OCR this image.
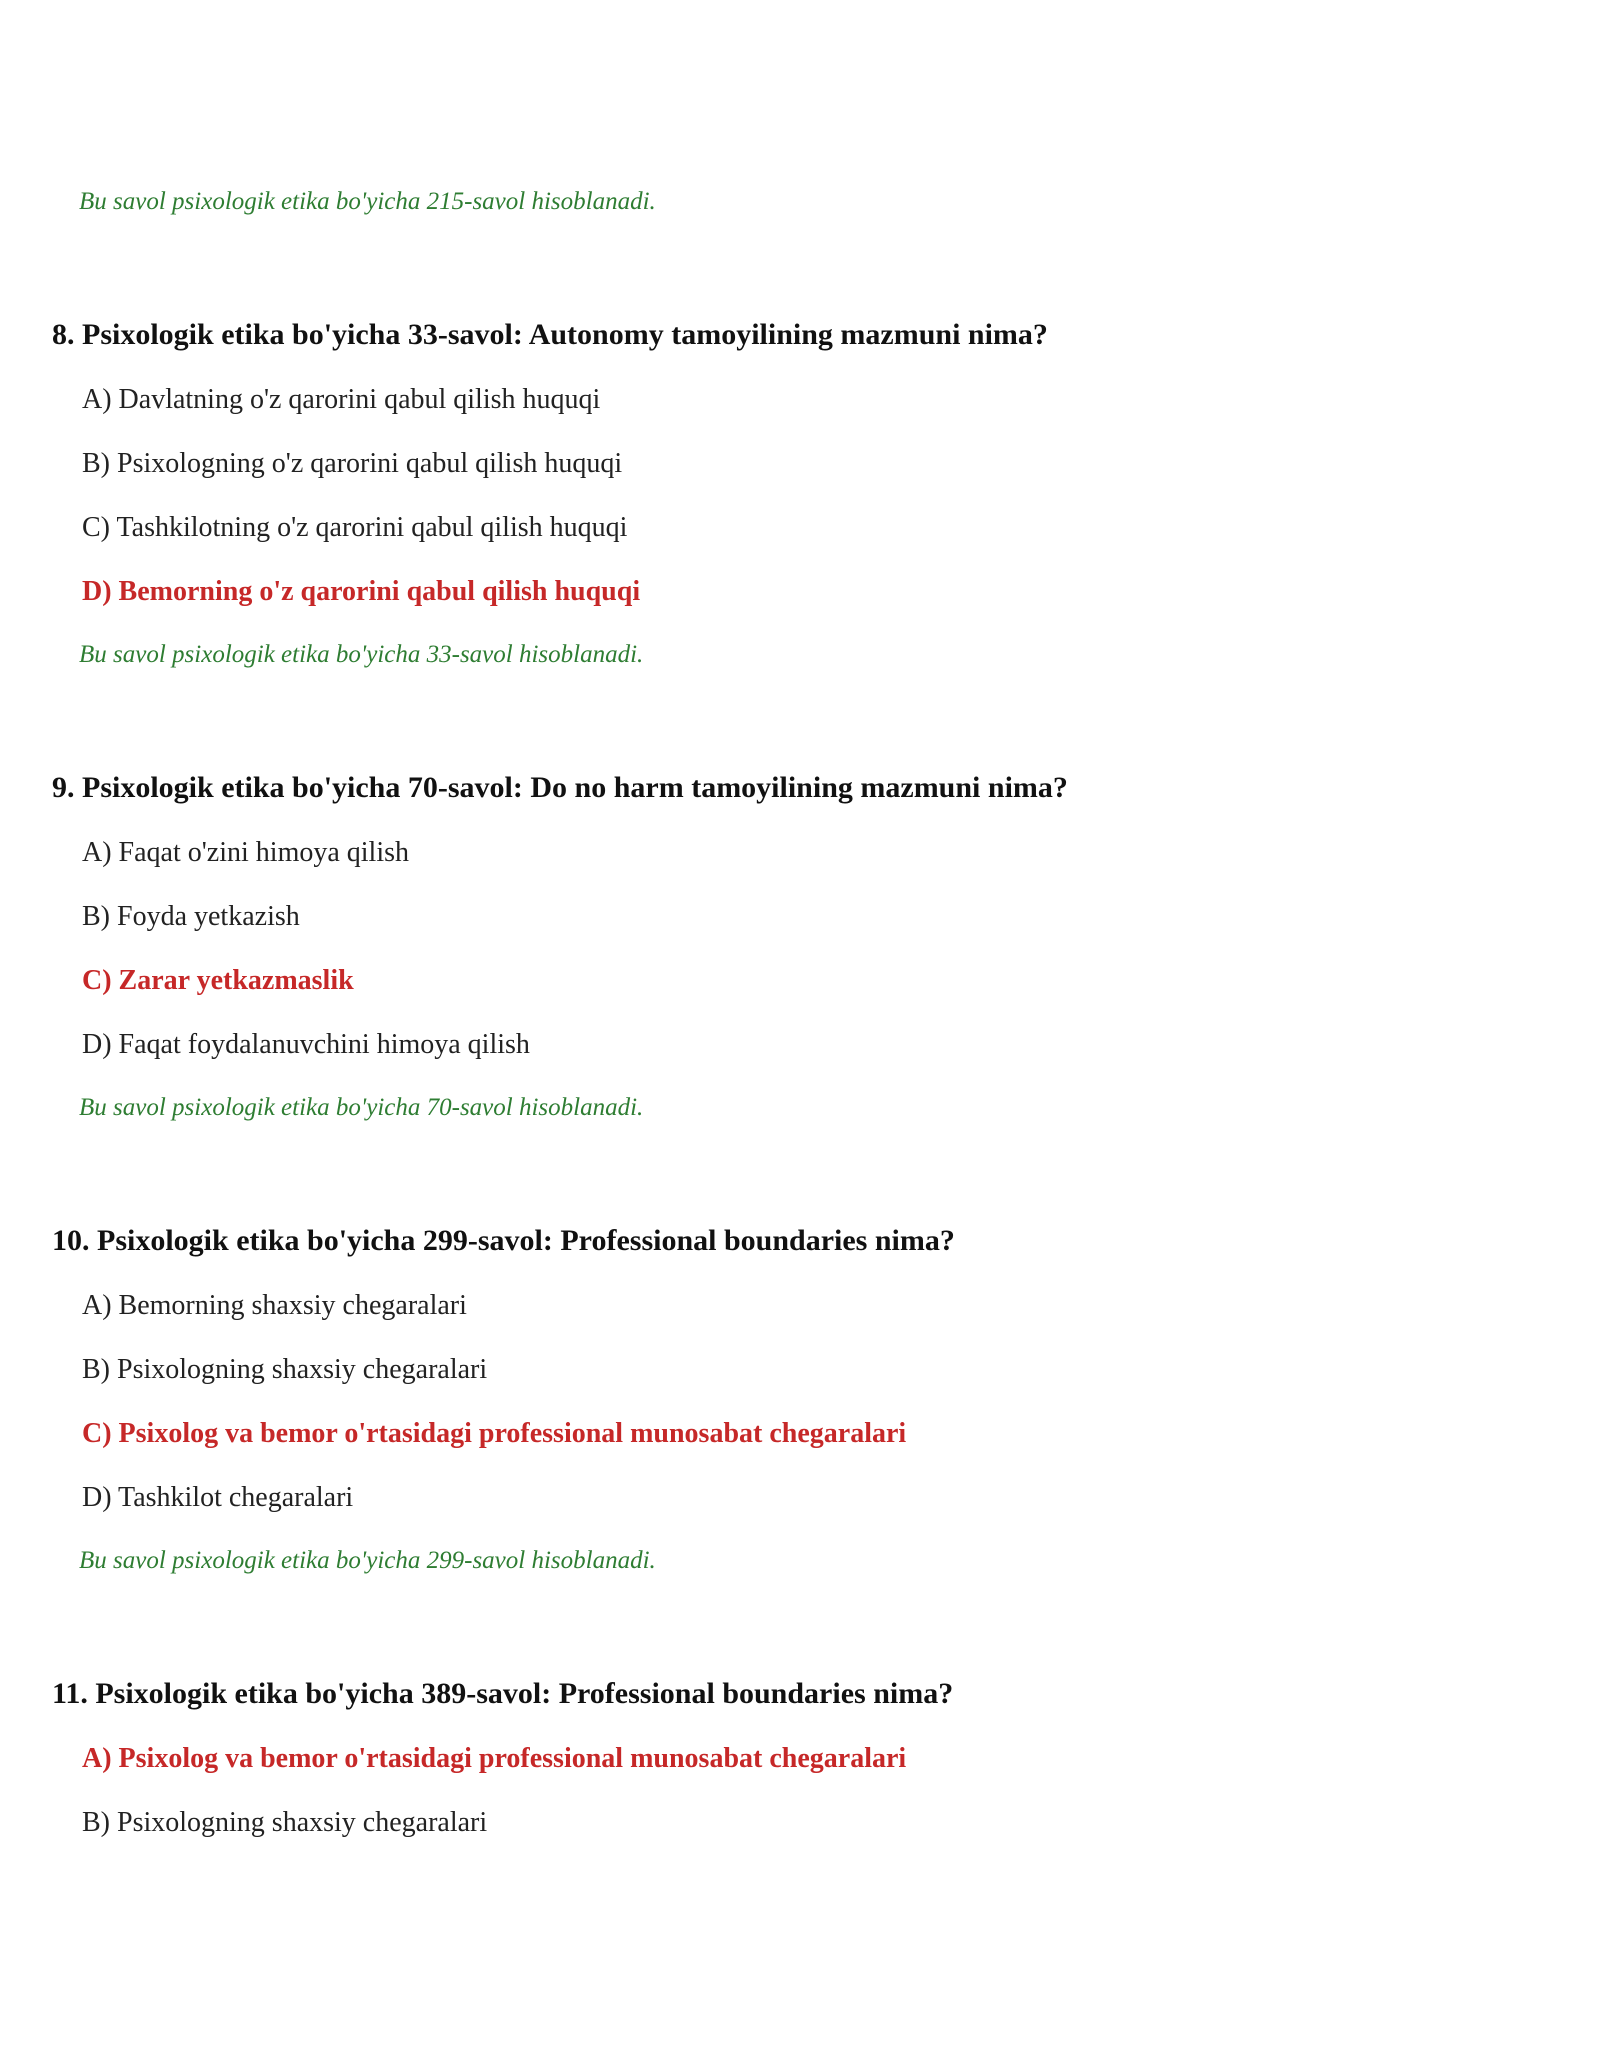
Bu savol psixologik etika bo'yicha 215-savol hisoblanadi.
8. Psixologik etika bo'yicha 33-savol: Autonomy tamoyilining mazmuni nima?
A) Davlatning o'z qarorini qabul qilish huquqi
B) Psixologning o'z qarorini qabul qilish huquqi
C) Tashkilotning o'z qarorini qabul qilish huquqi
D) Bemorning o'z qarorini qabul qilish huquqi
Bu savol psixologik etika bo'yicha 33-savol hisoblanadi.
9. Psixologik etika bo'yicha 70-savol: Do no harm tamoyilining mazmuni nima?
A) Faqat o'zini himoya qilish
B) Foyda yetkazish
C) Zarar yetkazmaslik
D) Faqat foydalanuvchini himoya qilish
Bu savol psixologik etika bo'yicha 70-savol hisoblanadi.
10. Psixologik etika bo'yicha 299-savol: Professional boundaries nima?
A) Bemorning shaxsiy chegaralari
B) Psixologning shaxsiy chegaralari
C) Psixolog va bemor o'rtasidagi professional munosabat chegaralari
D) Tashkilot chegaralari
Bu savol psixologik etika bo'yicha 299-savol hisoblanadi.
11. Psixologik etika bo'yicha 389-savol: Professional boundaries nima?
A) Psixolog va bemor o'rtasidagi professional munosabat chegaralari
B) Psixologning shaxsiy chegaralari
